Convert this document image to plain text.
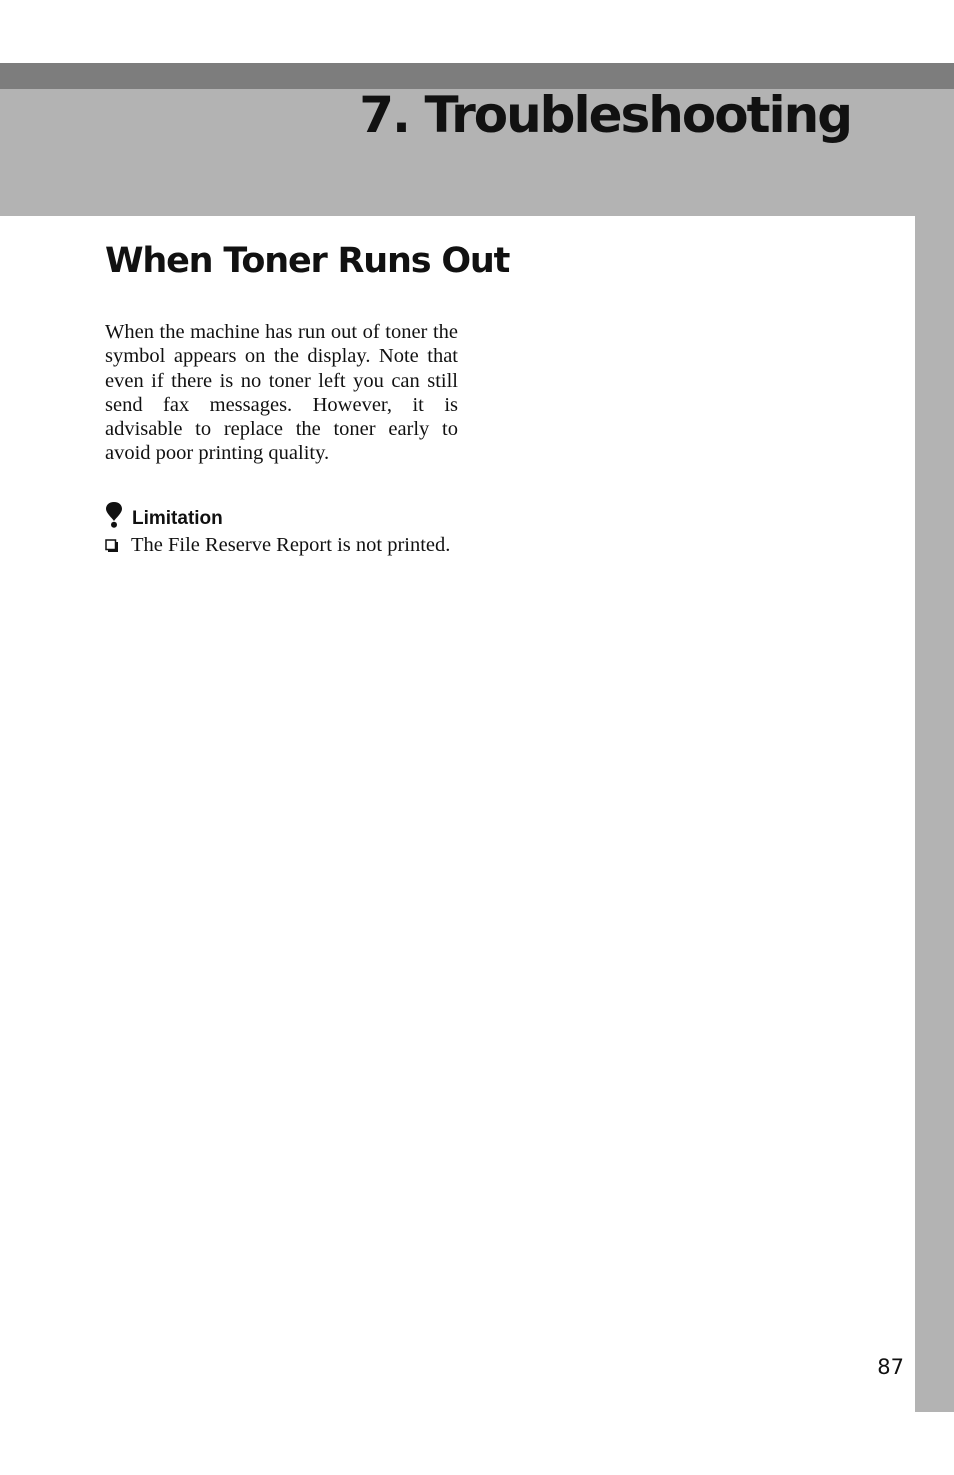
7. Troubleshooting
When Toner Runs Out

When the machine has run out of toner the symbol appears on the display. Note that even if there is no toner left you can still send fax messages. However, it is advisable to replace the toner early to avoid poor printing quality.

Limitation

The File Reserve Report is not printed.

87
